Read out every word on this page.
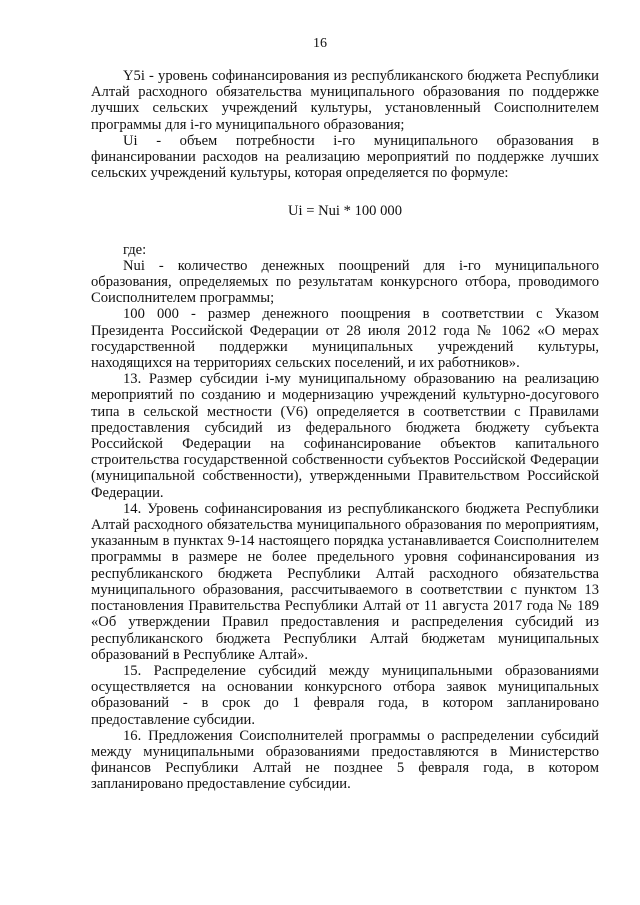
16

Y5i - уровень софинансирования из республиканского бюджета Республики Алтай расходного обязательства муниципального образования по поддержке лучших сельских учреждений культуры, установленный Соисполнителем программы для i-го муниципального образования;

Ui - объем потребности i-го муниципального образования в финансировании расходов на реализацию мероприятий по поддержке лучших сельских учреждений культуры, которая определяется по формуле:

Ui = Nui * 100 000

где:

Nui - количество денежных поощрений для i-го муниципального образования, определяемых по результатам конкурсного отбора, проводимого Соисполнителем программы;

100 000 - размер денежного поощрения в соответствии с Указом Президента Российской Федерации от 28 июля 2012 года № 1062 «О мерах государственной поддержки муниципальных учреждений культуры, находящихся на территориях сельских поселений, и их работников».

13. Размер субсидии i-му муниципальному образованию на реализацию мероприятий по созданию и модернизацию учреждений культурно-досугового типа в сельской местности (V6) определяется в соответствии с Правилами предоставления субсидий из федерального бюджета бюджету субъекта Российской Федерации на софинансирование объектов капитального строительства государственной собственности субъектов Российской Федерации (муниципальной собственности), утвержденными Правительством Российской Федерации.

14. Уровень софинансирования из республиканского бюджета Республики Алтай расходного обязательства муниципального образования по мероприятиям, указанным в пунктах 9-14 настоящего порядка устанавливается Соисполнителем программы в размере не более предельного уровня софинансирования из республиканского бюджета Республики Алтай расходного обязательства муниципального образования, рассчитываемого в соответствии с пунктом 13 постановления Правительства Республики Алтай от 11 августа 2017 года № 189 «Об утверждении Правил предоставления и распределения субсидий из республиканского бюджета Республики Алтай бюджетам муниципальных образований в Республике Алтай».

15. Распределение субсидий между муниципальными образованиями осуществляется на основании конкурсного отбора заявок муниципальных образований - в срок до 1 февраля года, в котором запланировано предоставление субсидии.

16. Предложения Соисполнителей программы о распределении субсидий между муниципальными образованиями предоставляются в Министерство финансов Республики Алтай не позднее 5 февраля года, в котором запланировано предоставление субсидии.
